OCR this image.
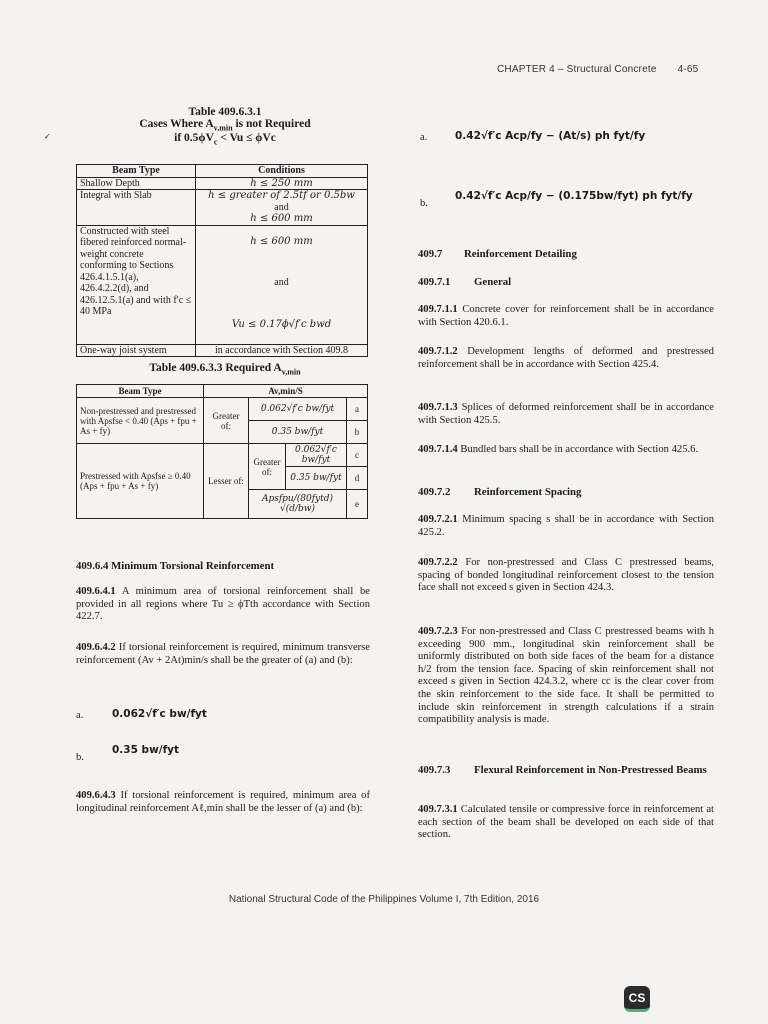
CHAPTER 4 – Structural Concrete 4-65
✓
Table 409.6.3.1
Cases Where $A_{v,min}$ is not Required
if $0.5\phi V_c < Vu \le \phi Vc$
Beam Type	Conditions
Shallow Depth	h ≤ 250 mm
Integral with Slab	h ≤ greater of 2.5tf or 0.5bw
and
h ≤ 600 mm

Constructed with steel fibered reinforced normal-weight concrete conforming to Sections 426.4.1.5.1(a), 426.4.2.2(d), and 426.12.5.1(a) and with f′c ≤ 40 MPa	h ≤ 600 mm
and
Vu ≤ 0.17ϕ√f′c bwd

One-way joist system	in accordance with Section 409.8
Table 409.6.3.3 Required $A_{v,min}$
Beam Type	Av,min/S			
Non-prestressed and prestressed with Apsfse < 0.40 (Aps + fpu + As + fy)	Greater of:	0.062√f′c bw/fyt		a
		0.35 bw/fyt		b
Prestressed with Apsfse ≥ 0.40 (Aps + fpu + As + fy)	Lesser of:	Greater of:	0.062√f′c bw/fyt	c
			0.35 bw/fyt	d
		Apsfpu/(80fytd) √(d/bw)		e
409.6.4 Minimum Torsional Reinforcement
409.6.4.1 A minimum area of torsional reinforcement shall be provided in all regions where Tu ≥ ϕTth accordance with Section 422.7.
409.6.4.2 If torsional reinforcement is required, minimum transverse reinforcement (Av + 2At)min/s shall be the greater of (a) and (b):
a.	0.062√f′c bw/fyt
b.
0.35 bw/fyt
409.6.4.3 If torsional reinforcement is required, minimum area of longitudinal reinforcement Aℓ,min shall be the lesser of (a) and (b):
a.	0.42√f′c Acp/fy − (At/s) ph fyt/fy
b.
0.42√f′c Acp/fy − (0.175bw/fyt) ph fyt/fy
409.7 Reinforcement Detailing
409.7.1 General
409.7.1.1 Concrete cover for reinforcement shall be in accordance with Section 420.6.1.
409.7.1.2 Development lengths of deformed and prestressed reinforcement shall be in accordance with Section 425.4.
409.7.1.3 Splices of deformed reinforcement shall be in accordance with Section 425.5.
409.7.1.4 Bundled bars shall be in accordance with Section 425.6.
409.7.2 Reinforcement Spacing
409.7.2.1 Minimum spacing s shall be in accordance with Section 425.2.
409.7.2.2 For non-prestressed and Class C prestressed beams, spacing of bonded longitudinal reinforcement closest to the tension face shall not exceed s given in Section 424.3.
409.7.2.3 For non-prestressed and Class C prestressed beams with h exceeding 900 mm., longitudinal skin reinforcement shall be uniformly distributed on both side faces of the beam for a distance h/2 from the tension face. Spacing of skin reinforcement shall not exceed s given in Section 424.3.2, where cc is the clear cover from the skin reinforcement to the side face. It shall be permitted to include skin reinforcement in strength calculations if a strain compatibility analysis is made.
409.7.3	Flexural Reinforcement in Non-Prestressed Beams
409.7.3.1 Calculated tensile or compressive force in reinforcement at each section of the beam shall be developed on each side of that section.
National Structural Code of the Philippines Volume I, 7th Edition, 2016
CS
